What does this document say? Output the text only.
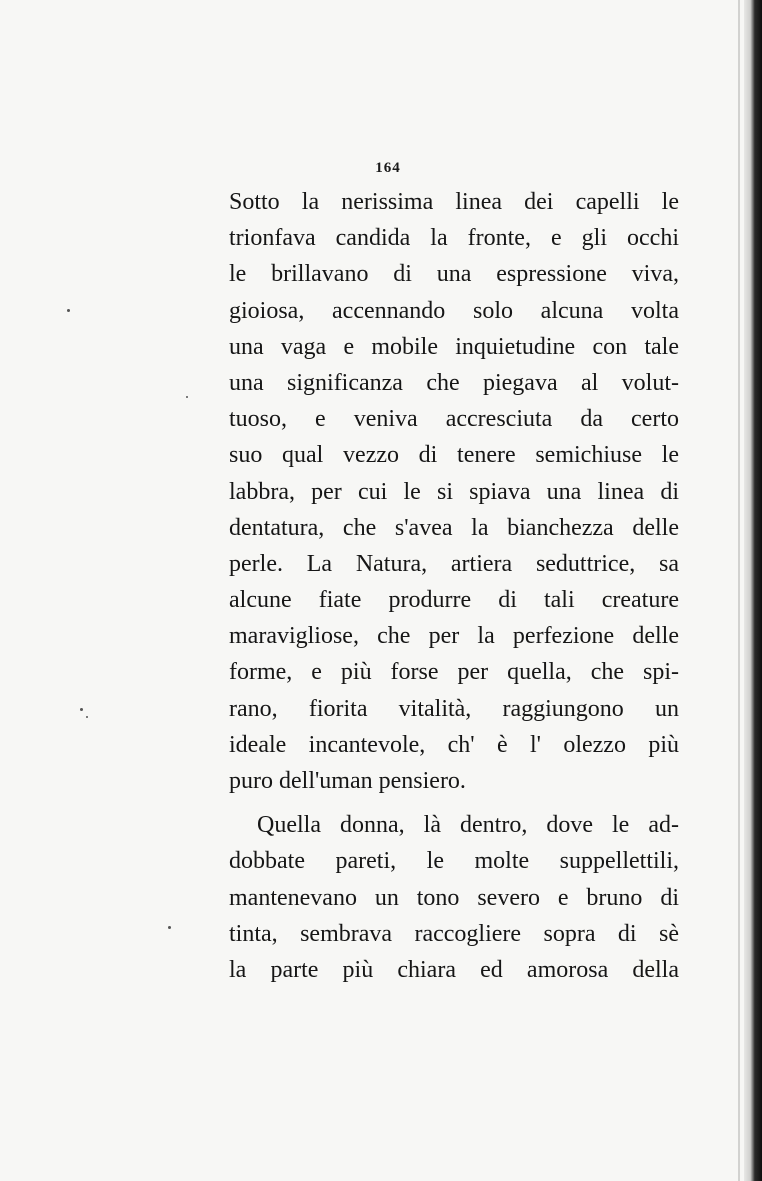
164
Sotto la nerissima linea dei capelli le
trionfava candida la fronte, e gli occhi
le brillavano di una espressione viva,
gioiosa, accennando solo alcuna volta
una vaga e mobile inquietudine con tale
una significanza che piegava al volut-
tuoso, e veniva accresciuta da certo
suo qual vezzo di tenere semichiuse le
labbra, per cui le si spiava una linea di
dentatura, che s'avea la bianchezza delle
perle. La Natura, artiera seduttrice, sa
alcune fiate produrre di tali creature
maravigliose, che per la perfezione delle
forme, e più forse per quella, che spi-
rano, fiorita vitalità, raggiungono un
ideale incantevole, ch' è l' olezzo più
puro dell'uman pensiero.
Quella donna, là dentro, dove le ad-
dobbate pareti, le molte suppellettili,
mantenevano un tono severo e bruno di
tinta, sembrava raccogliere sopra di sè
la parte più chiara ed amorosa della
